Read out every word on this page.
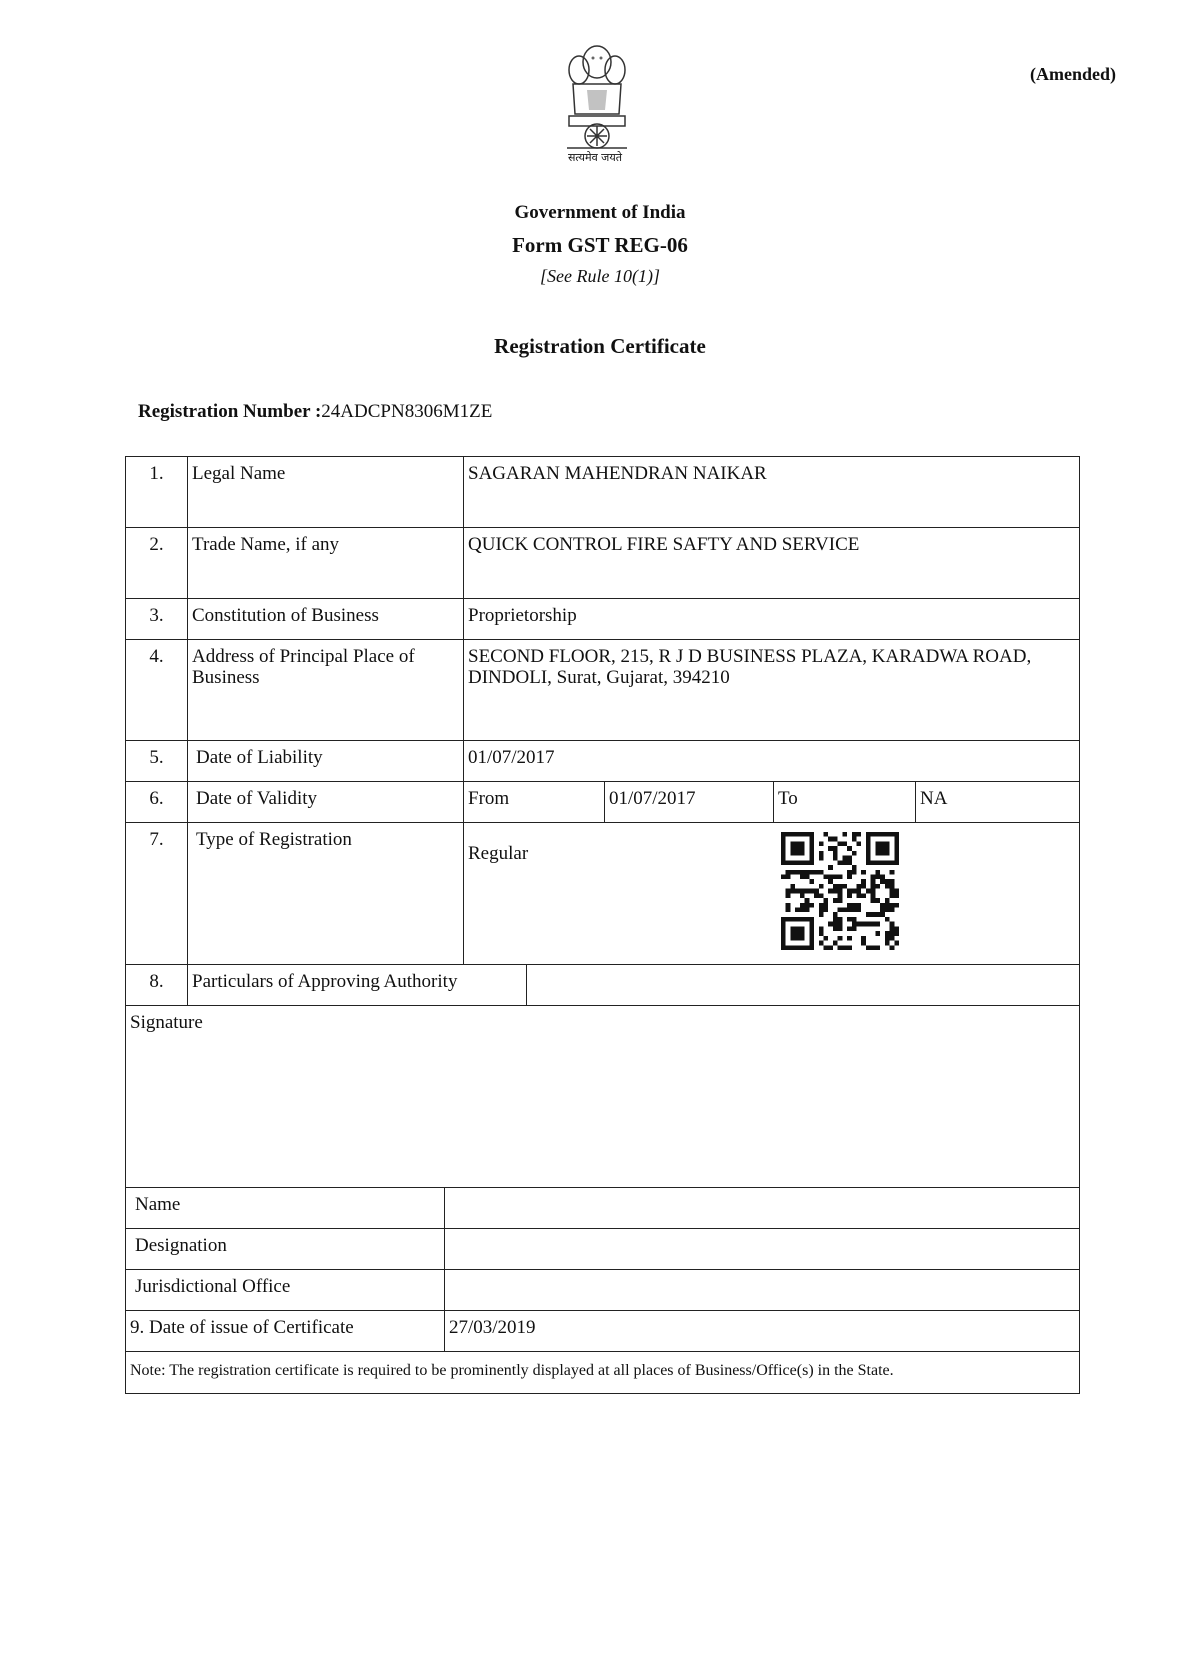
(Amended)
सत्यमेव जयते
Government of India
Form GST REG-06
[See Rule 10(1)]
Registration Certificate
Registration Number :24ADCPN8306M1ZE
1.	Legal Name	SAGARAN MAHENDRAN NAIKAR
2.	Trade Name, if any	QUICK CONTROL FIRE SAFTY AND SERVICE
3.	Constitution of Business	Proprietorship
4.	Address of Principal Place of Business
SECOND FLOOR, 215, R J D BUSINESS PLAZA, KARADWA ROAD, DINDOLI, Surat, Gujarat, 394210
5.	Date of Liability	01/07/2017
6.	Date of Validity	From	01/07/2017	To	NA
7.	Type of Registration
Regular
8.	Particulars of Approving Authority
Signature
Name
Designation
Jurisdictional Office
9. Date of issue of Certificate	27/03/2019
Note: The registration certificate is required to be prominently displayed at all places of Business/Office(s) in the State.
